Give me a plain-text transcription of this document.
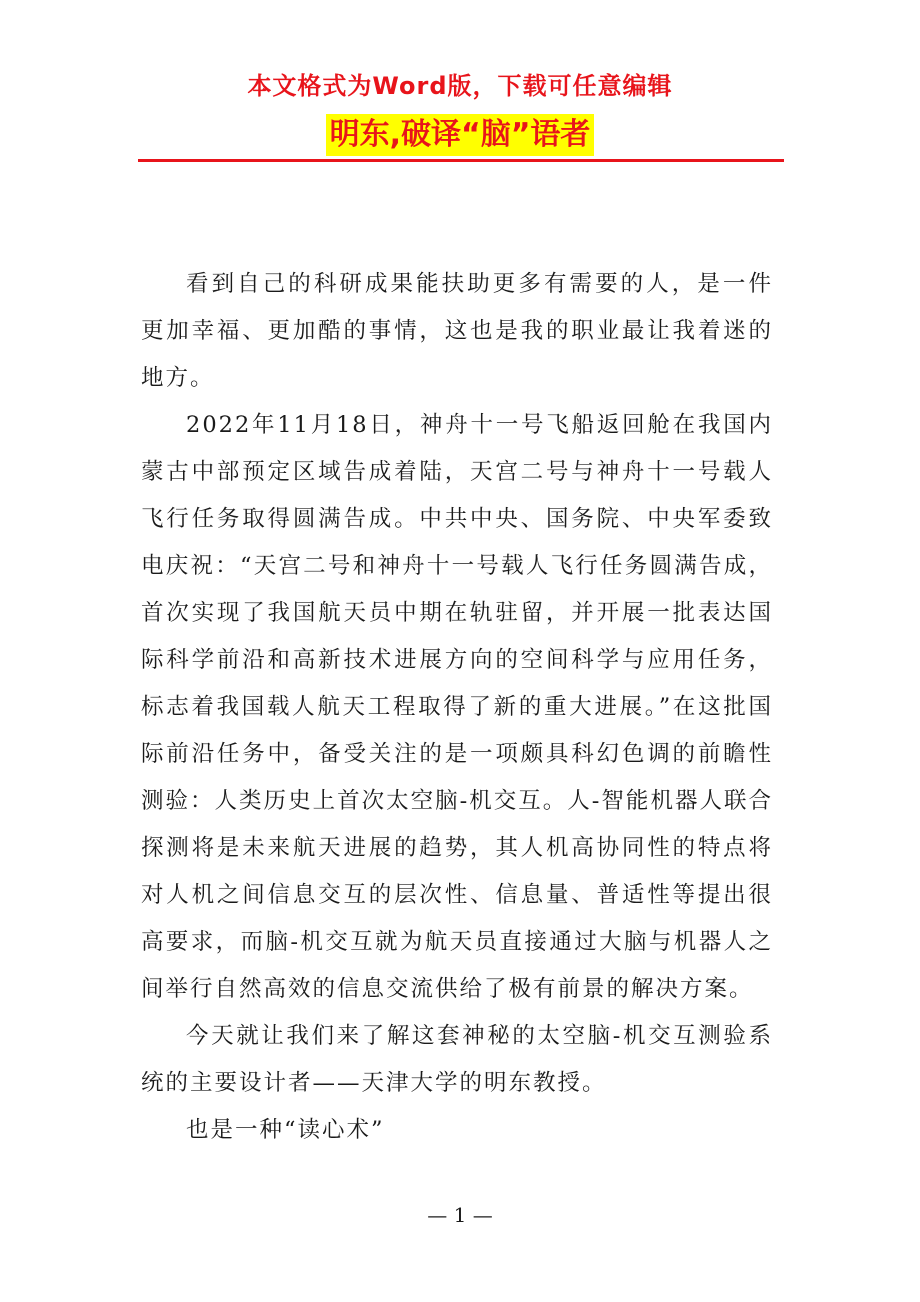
本文格式为Word版，下载可任意编辑
明东,破译“脑”语者

看到自己的科研成果能扶助更多有需要的人，是一件更加幸福、更加酷的事情，这也是我的职业最让我着迷的地方。

2022年11月18日，神舟十一号飞船返回舱在我国内蒙古中部预定区域告成着陆，天宫二号与神舟十一号载人飞行任务取得圆满告成。中共中央、国务院、中央军委致电庆祝：“天宫二号和神舟十一号载人飞行任务圆满告成，首次实现了我国航天员中期在轨驻留，并开展一批表达国际科学前沿和高新技术进展方向的空间科学与应用任务，标志着我国载人航天工程取得了新的重大进展。”在这批国际前沿任务中，备受关注的是一项颇具科幻色调的前瞻性测验：人类历史上首次太空脑-机交互。人-智能机器人联合探测将是未来航天进展的趋势，其人机高协同性的特点将对人机之间信息交互的层次性、信息量、普适性等提出很高要求，而脑-机交互就为航天员直接通过大脑与机器人之间举行自然高效的信息交流供给了极有前景的解决方案。

今天就让我们来了解这套神秘的太空脑-机交互测验系统的主要设计者——天津大学的明东教授。

也是一种“读心术”

— 1 —
